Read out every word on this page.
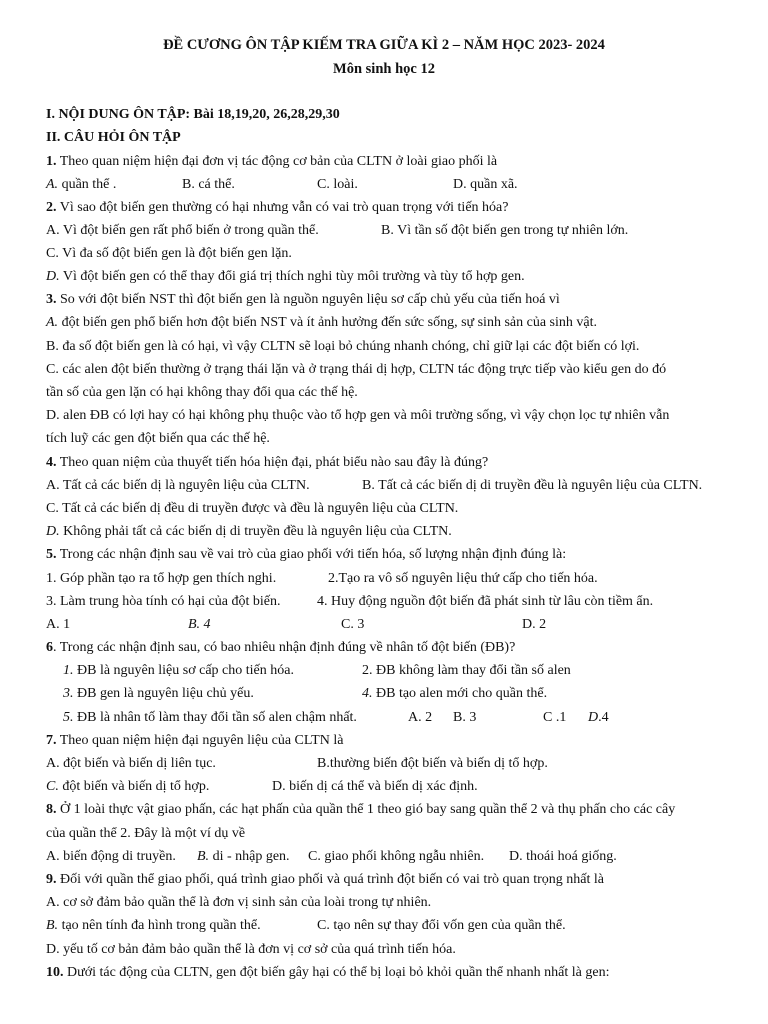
ĐỀ CƯƠNG ÔN TẬP KIẾM TRA GIỮA KÌ 2 – NĂM HỌC 2023- 2024
Môn sinh học 12
I. NỘI DUNG ÔN TẬP: Bài 18,19,20, 26,28,29,30
II. CÂU HỎI ÔN TẬP
1. Theo quan niệm hiện đại đơn vị tác động cơ bản của CLTN ở loài giao phối là
A. quần thể .	B. cá thể.	C. loài.	D. quần xã.
2. Vì sao đột biến gen thường có hại nhưng vẫn có vai trò quan trọng với tiến hóa?
A. Vì đột biến gen rất phổ biến ở trong quần thể.	B. Vì tần số đột biến gen trong tự nhiên lớn.
C. Vì đa số đột biến gen là đột biến gen lặn.
D. Vì đột biến gen có thể thay đổi giá trị thích nghi tùy môi trường và tùy tổ hợp gen.
3. So với đột biến NST thì đột biến gen là nguồn nguyên liệu sơ cấp chủ yếu của tiến hoá vì
A. đột biến gen phổ biến hơn đột biến NST và ít ảnh hưởng đến sức sống, sự sinh sản của sinh vật.
B. đa số đột biến gen là có hại, vì vậy CLTN sẽ loại bỏ chúng nhanh chóng, chỉ giữ lại các đột biến có lợi.
C. các alen đột biến thường ở trạng thái lặn và ở trạng thái dị hợp, CLTN tác động trực tiếp vào kiểu gen do đó
tần số của gen lặn có hại không thay đổi qua các thế hệ.
D. alen ĐB có lợi hay có hại không phụ thuộc vào tổ hợp gen và môi trường sống, vì vậy chọn lọc tự nhiên vẫn
tích luỹ các gen đột biến qua các thế hệ.
4. Theo quan niệm của thuyết tiến hóa hiện đại, phát biểu nào sau đây là đúng?
A. Tất cả các biến dị là nguyên liệu của CLTN.	B. Tất cả các biến dị di truyền đều là nguyên liệu của CLTN.
C. Tất cả các biến dị đều di truyền được và đều là nguyên liệu của CLTN.
D. Không phải tất cả các biến dị di truyền đều là nguyên liệu của CLTN.
5. Trong các nhận định sau về vai trò của giao phối với tiến hóa, số lượng nhận định đúng là:
1. Góp phần tạo ra tổ hợp gen thích nghi.	2.Tạo ra vô số nguyên liệu thứ cấp cho tiến hóa.
3. Làm trung hòa tính có hại của đột biến.	4. Huy động nguồn đột biến đã phát sinh từ lâu còn tiềm ẩn.
A. 1	B. 4	C. 3	D. 2
6. Trong các nhận định sau, có bao nhiêu nhận định đúng về nhân tố đột biến (ĐB)?
1. ĐB là nguyên liệu sơ cấp cho tiến hóa.	2. ĐB không làm thay đổi tần số alen
3. ĐB gen là nguyên liệu chủ yếu.	4. ĐB tạo alen mới cho quần thể.
5. ĐB là nhân tố làm thay đổi tần số alen chậm nhất.	A. 2 B. 3	C .1 D.4
7. Theo quan niệm hiện đại nguyên liệu của CLTN là
A. đột biến và biến dị liên tục.	B.thường biến đột biến và biến dị tổ hợp.
C. đột biến và biến dị tổ hợp.	D. biến dị cá thể và biến dị xác định.
8. Ở 1 loài thực vật giao phấn, các hạt phấn của quần thể 1 theo gió bay sang quần thể 2 và thụ phấn cho các cây
của quần thể 2. Đây là một ví dụ về
A. biến động di truyền. B. di - nhập gen. C. giao phối không ngẫu nhiên. D. thoái hoá giống.
9. Đối với quần thể giao phối, quá trình giao phối và quá trình đột biến có vai trò quan trọng nhất là
A. cơ sở đảm bảo quần thể là đơn vị sinh sản của loài trong tự nhiên.
B. tạo nên tính đa hình trong quần thể.	C. tạo nên sự thay đổi vốn gen của quần thể.
D. yếu tố cơ bản đảm bảo quần thể là đơn vị cơ sở của quá trình tiến hóa.
10. Dưới tác động của CLTN, gen đột biến gây hại có thể bị loại bỏ khỏi quần thể nhanh nhất là gen:
